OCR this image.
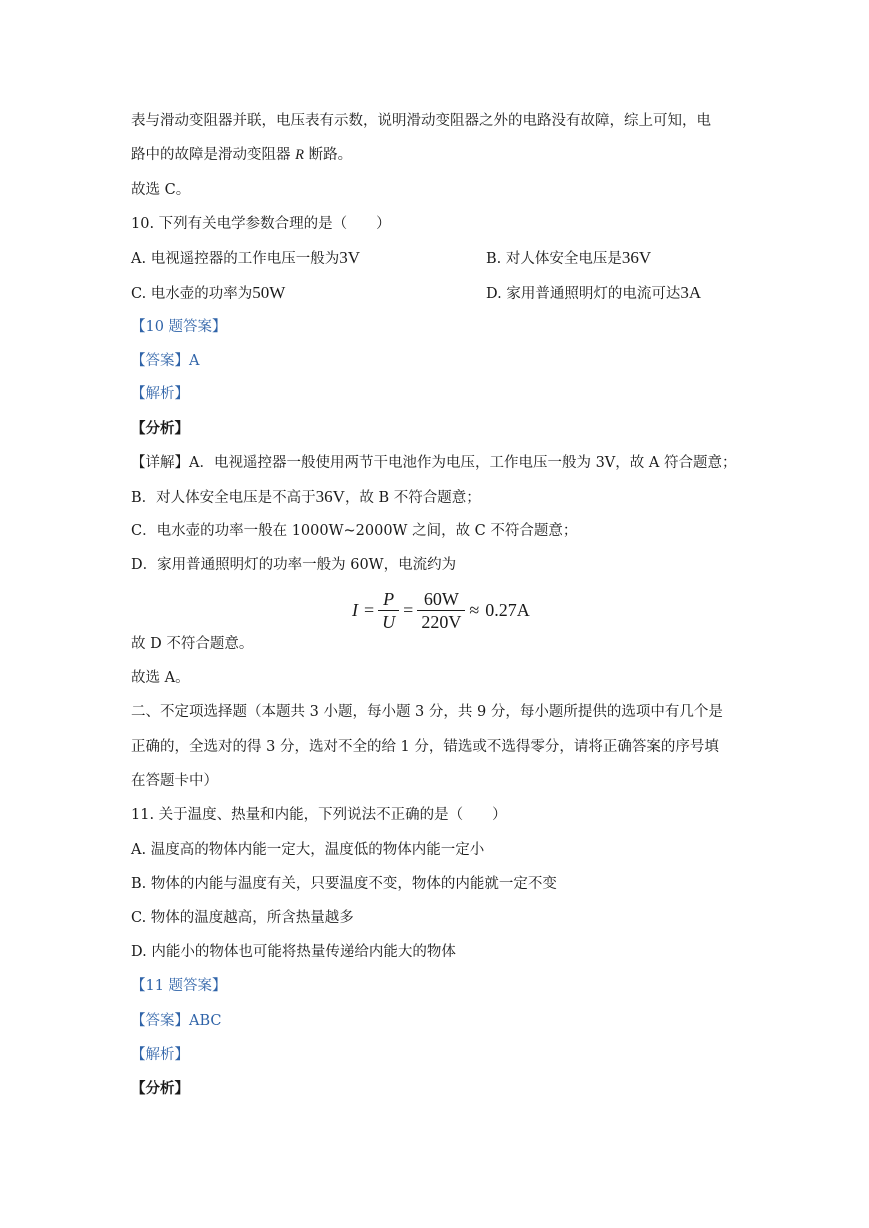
表与滑动变阻器并联，电压表有示数，说明滑动变阻器之外的电路没有故障，综上可知，电
路中的故障是滑动变阻器 R 断路。
故选 C。
10. 下列有关电学参数合理的是（　　）
A. 电视遥控器的工作电压一般为3V	B. 对人体安全电压是36V
C. 电水壶的功率为50W	D. 家用普通照明灯的电流可达3A
【10 题答案】
【答案】A
【解析】
【分析】
【详解】A．电视遥控器一般使用两节干电池作为电压，工作电压一般为 3V，故 A 符合题意；
B．对人体安全电压是不高于36V，故 B 不符合题意；
C．电水壶的功率一般在 1000W~2000W 之间，故 C 不符合题意；
D．家用普通照明灯的功率一般为 60W，电流约为
$I = \frac{P}{U} = \frac{60W}{220V} \approx 0.27A$
故 D 不符合题意。
故选 A。
二、不定项选择题（本题共 3 小题，每小题 3 分，共 9 分，每小题所提供的选项中有几个是
正确的，全选对的得 3 分，选对不全的给 1 分，错选或不选得零分，请将正确答案的序号填
在答题卡中）
11. 关于温度、热量和内能，下列说法不正确的是（　　）
A. 温度高的物体内能一定大，温度低的物体内能一定小
B. 物体的内能与温度有关，只要温度不变，物体的内能就一定不变
C. 物体的温度越高，所含热量越多
D. 内能小的物体也可能将热量传递给内能大的物体
【11 题答案】
【答案】ABC
【解析】
【分析】
